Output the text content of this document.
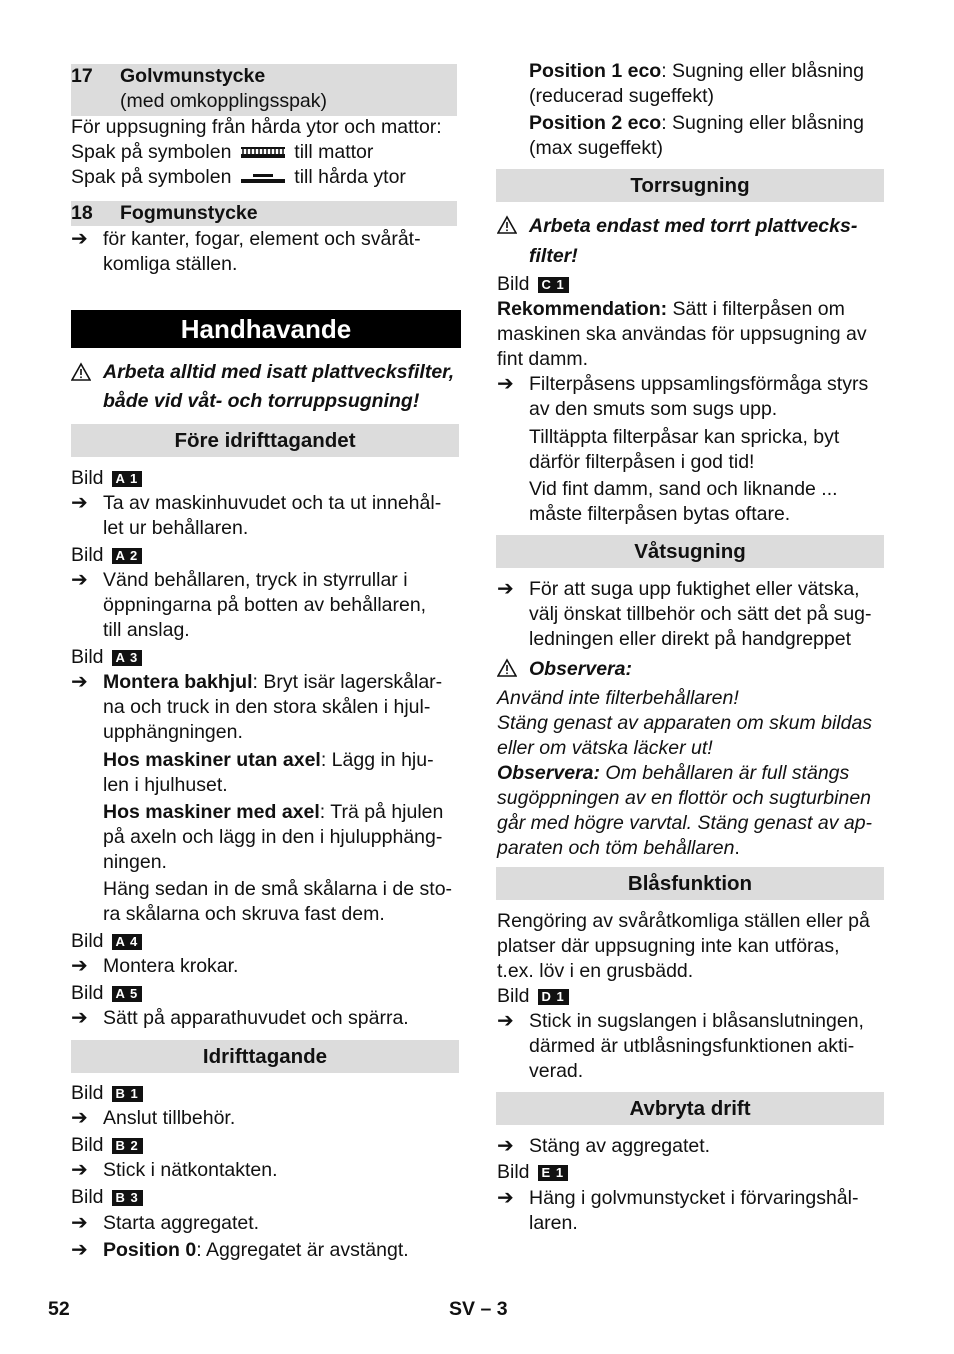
17 Golvmunstycke
(med omkopplingsspak)
För uppsugning från hårda ytor och mattor:
Spak på symbolen	till mattor
Spak på symbolen	till hårda ytor
18 Fogmunstycke
➔ för kanter, fogar, element och svåråt-
komliga ställen.
Handhavande
Arbeta alltid med isatt plattvecksfilter,
både vid våt- och torruppsugning!
Före idrifttagandet
Bild A 1
➔ Ta av maskinhuvudet och ta ut innehål-
let ur behållaren.
Bild A 2
➔ Vänd behållaren, tryck in styrrullar i
öppningarna på botten av behållaren,
till anslag.
Bild A 3
➔ Montera bakhjul: Bryt isär lagerskålar-
na och truck in den stora skålen i hjul-
upphängningen.
Hos maskiner utan axel: Lägg in hju-
len i hjulhuset.
Hos maskiner med axel: Trä på hjulen
på axeln och lägg in den i hjulupphäng-
ningen.
Häng sedan in de små skålarna i de sto-
ra skålarna och skruva fast dem.
Bild A 4
➔ Montera krokar.
Bild A 5
➔ Sätt på apparathuvudet och spärra.
Idrifttagande
Bild B 1
➔ Anslut tillbehör.
Bild B 2
➔ Stick i nätkontakten.
Bild B 3
➔ Starta aggregatet.
➔ Position 0: Aggregatet är avstängt.
Position 1 eco: Sugning eller blåsning
(reducerad sugeffekt)
Position 2 eco: Sugning eller blåsning
(max sugeffekt)
Torrsugning
Arbeta endast med torrt plattvecks-
filter!
Bild C 1
Rekommendation: Sätt i filterpåsen om
maskinen ska användas för uppsugning av
fint damm.
➔ Filterpåsens uppsamlingsförmåga styrs
av den smuts som sugs upp.
Tilltäppta filterpåsar kan spricka, byt
därför filterpåsen i god tid!
Vid fint damm, sand och liknande ...
måste filterpåsen bytas oftare.
Våtsugning
➔ För att suga upp fuktighet eller vätska,
välj önskat tillbehör och sätt det på sug-
ledningen eller direkt på handgreppet
Observera:
Använd inte filterbehållaren!
Stäng genast av apparaten om skum bildas
eller om vätska läcker ut!
Observera: Om behållaren är full stängs
sugöppningen av en flottör och sugturbinen
går med högre varvtal. Stäng genast av ap-
paraten och töm behållaren.
Blåsfunktion
Rengöring av svåråtkomliga ställen eller på
platser där uppsugning inte kan utföras,
t.ex. löv i en grusbädd.
Bild D 1
➔ Stick in sugslangen i blåsanslutningen,
därmed är utblåsningsfunktionen akti-
verad.
Avbryta drift
➔ Stäng av aggregatet.
Bild E 1
➔ Häng i golvmunstycket i förvaringshål-
laren.
52	SV – 3
